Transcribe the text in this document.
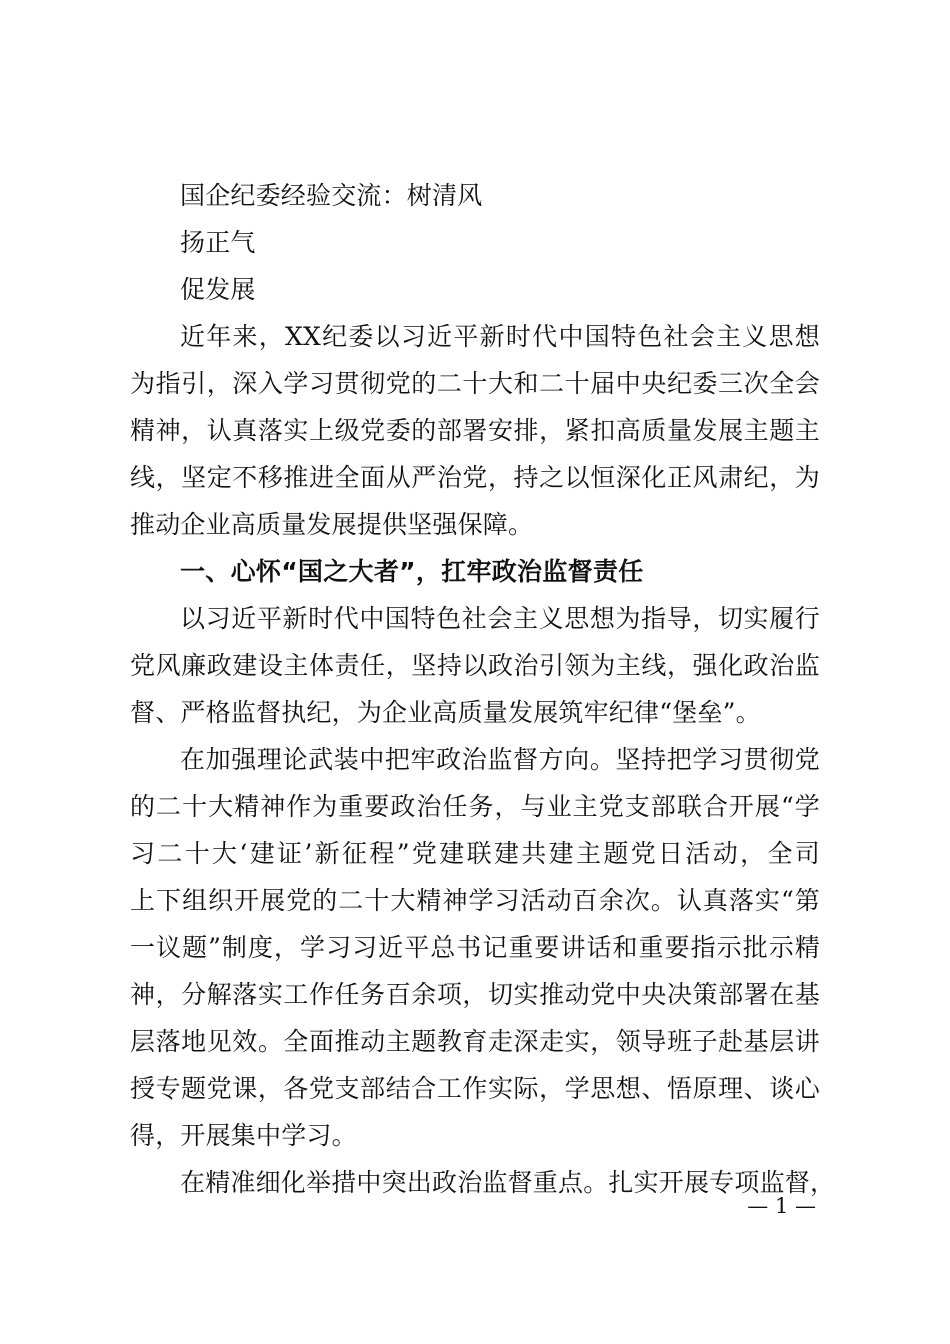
国企纪委经验交流：树清风
扬正气
促发展
近年来，XX纪委以习近平新时代中国特色社会主义思想
为指引，深入学习贯彻党的二十大和二十届中央纪委三次全会
精神，认真落实上级党委的部署安排，紧扣高质量发展主题主
线，坚定不移推进全面从严治党，持之以恒深化正风肃纪，为
推动企业高质量发展提供坚强保障。
一、心怀“国之大者”，扛牢政治监督责任
以习近平新时代中国特色社会主义思想为指导，切实履行
党风廉政建设主体责任，坚持以政治引领为主线，强化政治监
督、严格监督执纪，为企业高质量发展筑牢纪律“堡垒”。
在加强理论武装中把牢政治监督方向。坚持把学习贯彻党
的二十大精神作为重要政治任务，与业主党支部联合开展“学
习二十大‘建证’新征程”党建联建共建主题党日活动，全司
上下组织开展党的二十大精神学习活动百余次。认真落实“第
一议题”制度，学习习近平总书记重要讲话和重要指示批示精
神，分解落实工作任务百余项，切实推动党中央决策部署在基
层落地见效。全面推动主题教育走深走实，领导班子赴基层讲
授专题党课，各党支部结合工作实际，学思想、悟原理、谈心
得，开展集中学习。
在精准细化举措中突出政治监督重点。扎实开展专项监督，
— 1 —
